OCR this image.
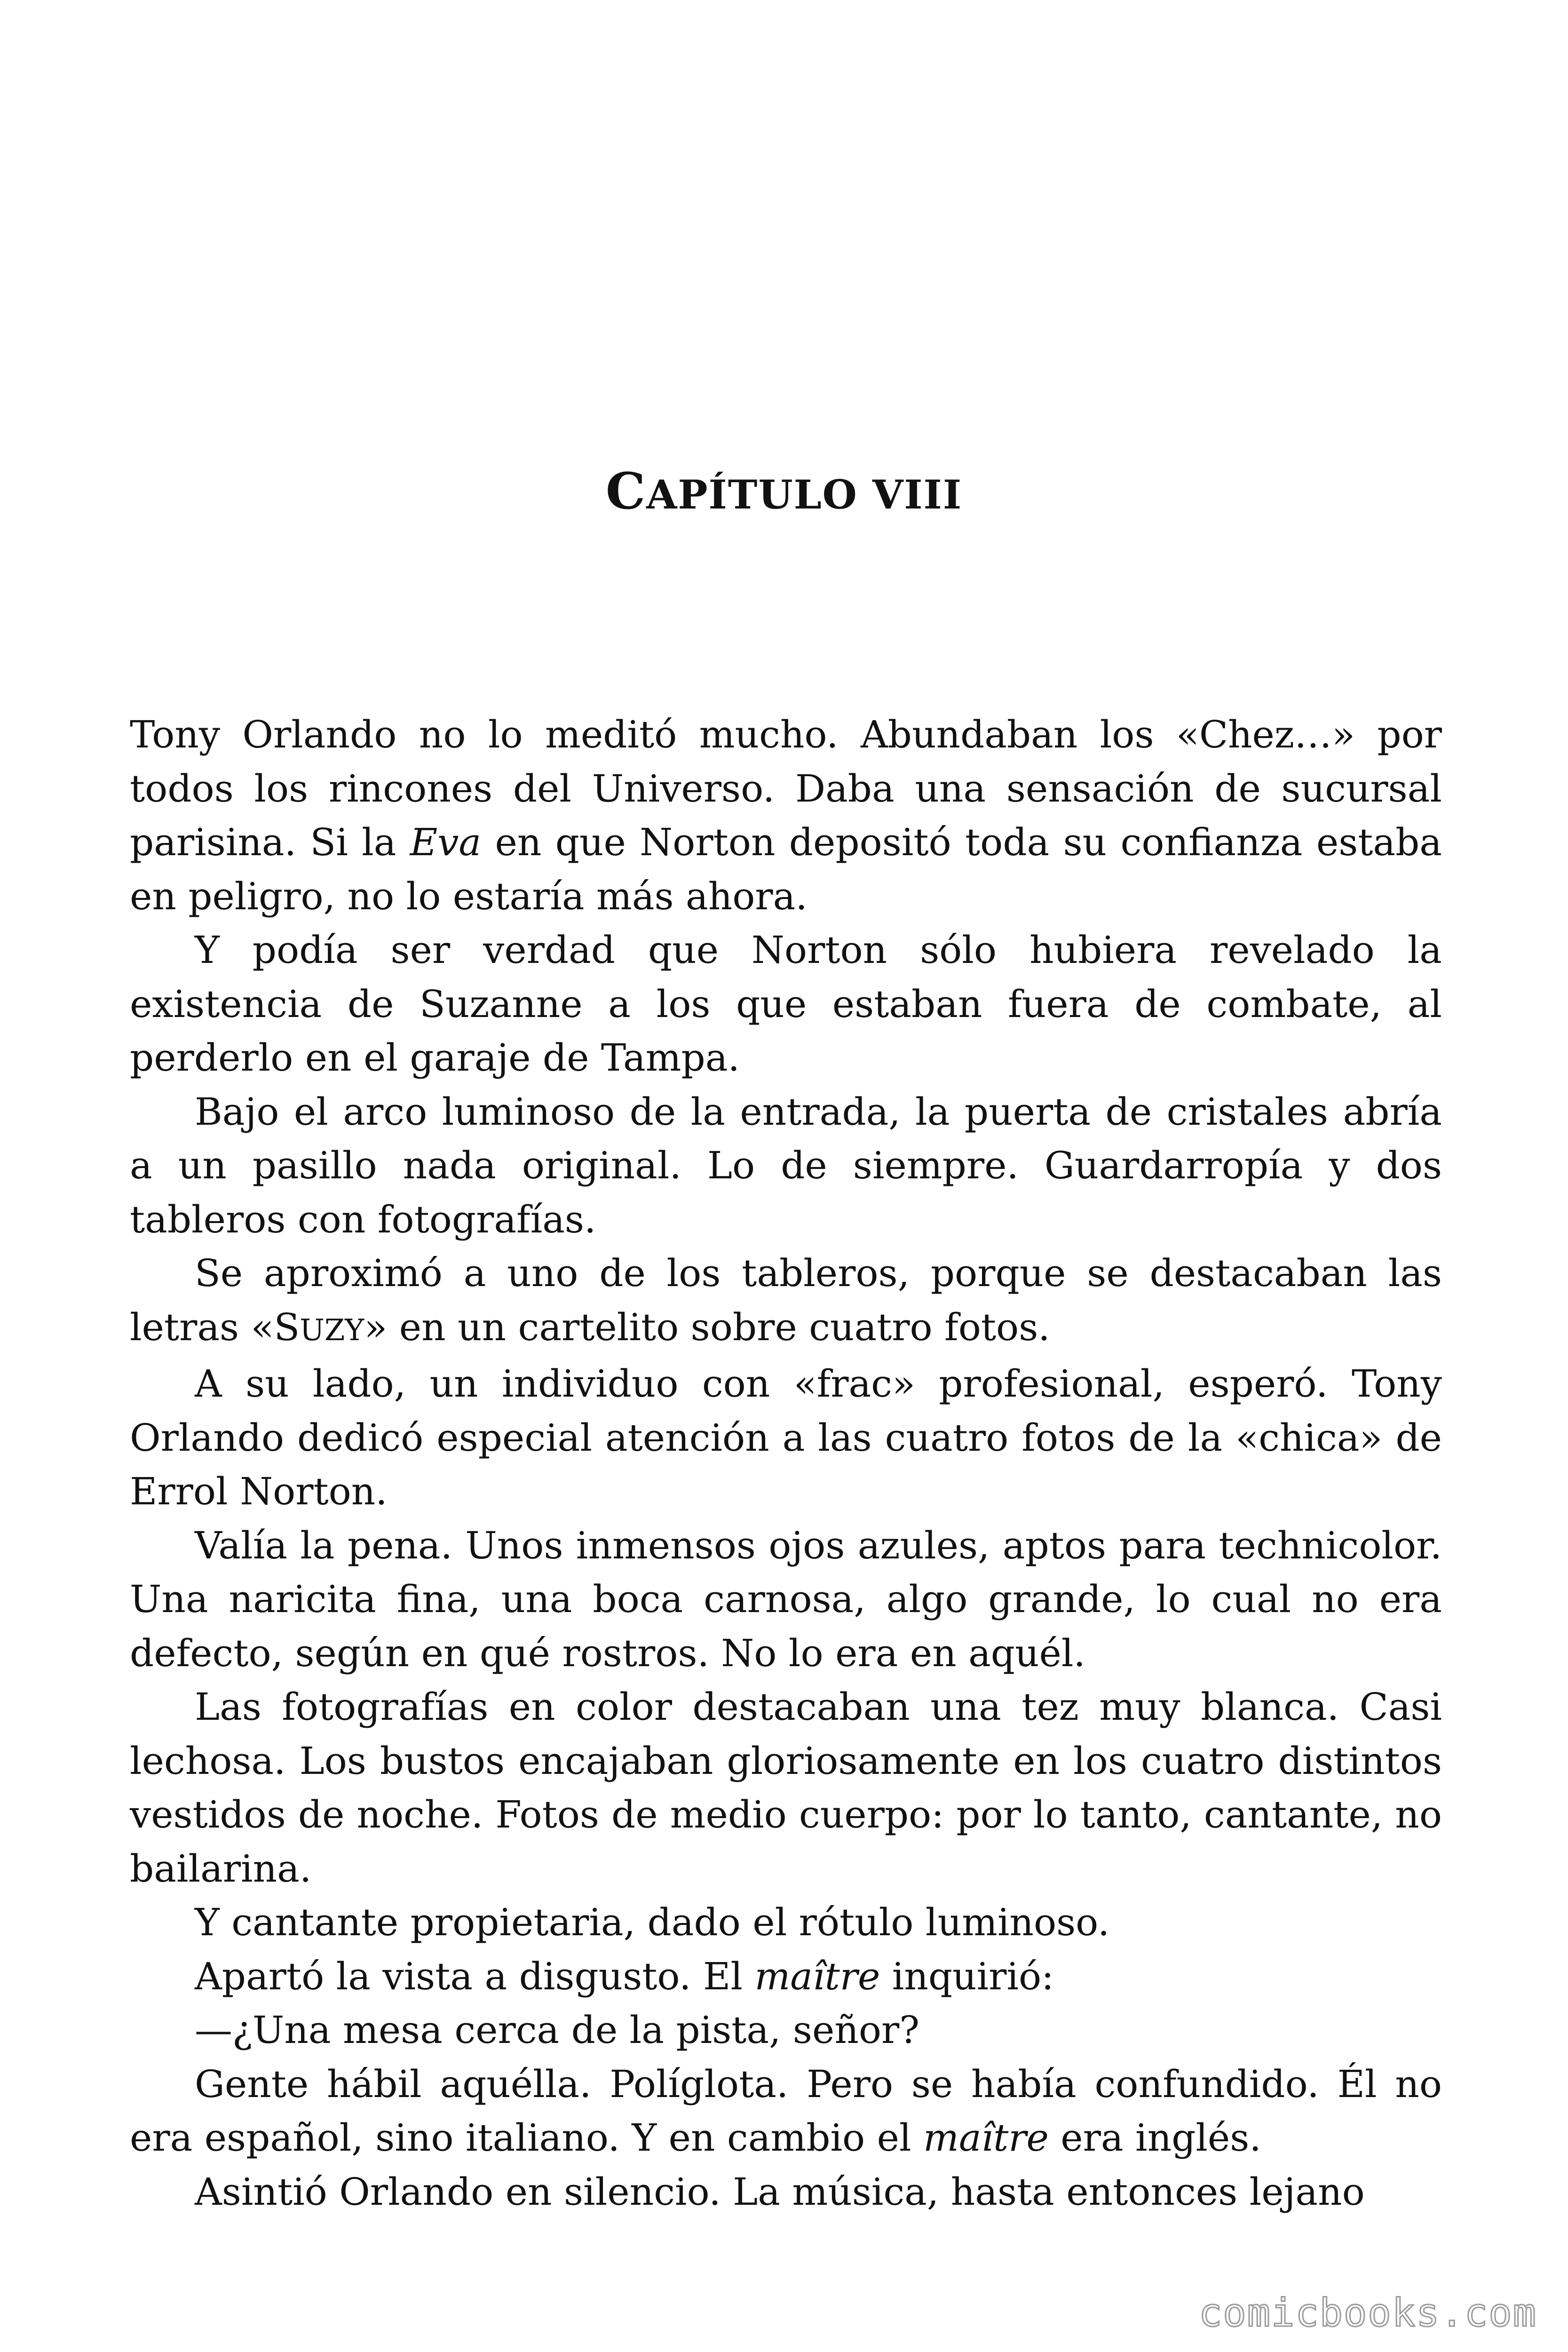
CAPÍTULO VIII

Tony Orlando no lo meditó mucho. Abundaban los «Chez…» por todos los rincones del Universo. Daba una sensación de sucursal parisina. Si la Eva en que Norton depositó toda su confianza estaba en peligro, no lo estaría más ahora.

Y podía ser verdad que Norton sólo hubiera revelado la existencia de Suzanne a los que estaban fuera de combate, al perderlo en el garaje de Tampa.

Bajo el arco luminoso de la entrada, la puerta de cristales abría a un pasillo nada original. Lo de siempre. Guardarropía y dos tableros con fotografías.

Se aproximó a uno de los tableros, porque se destacaban las letras «SUZY» en un cartelito sobre cuatro fotos.

A su lado, un individuo con «frac» profesional, esperó. Tony Orlando dedicó especial atención a las cuatro fotos de la «chica» de Errol Norton.

Valía la pena. Unos inmensos ojos azules, aptos para technicolor. Una naricita fina, una boca carnosa, algo grande, lo cual no era defecto, según en qué rostros. No lo era en aquél.

Las fotografías en color destacaban una tez muy blanca. Casi lechosa. Los bustos encajaban gloriosamente en los cuatro distintos vestidos de noche. Fotos de medio cuerpo: por lo tanto, cantante, no bailarina.

Y cantante propietaria, dado el rótulo luminoso.

Apartó la vista a disgusto. El maître inquirió:

—¿Una mesa cerca de la pista, señor?

Gente hábil aquélla. Políglota. Pero se había confundido. Él no era español, sino italiano. Y en cambio el maître era inglés.

Asintió Orlando en silencio. La música, hasta entonces lejano

comicbooks.com
